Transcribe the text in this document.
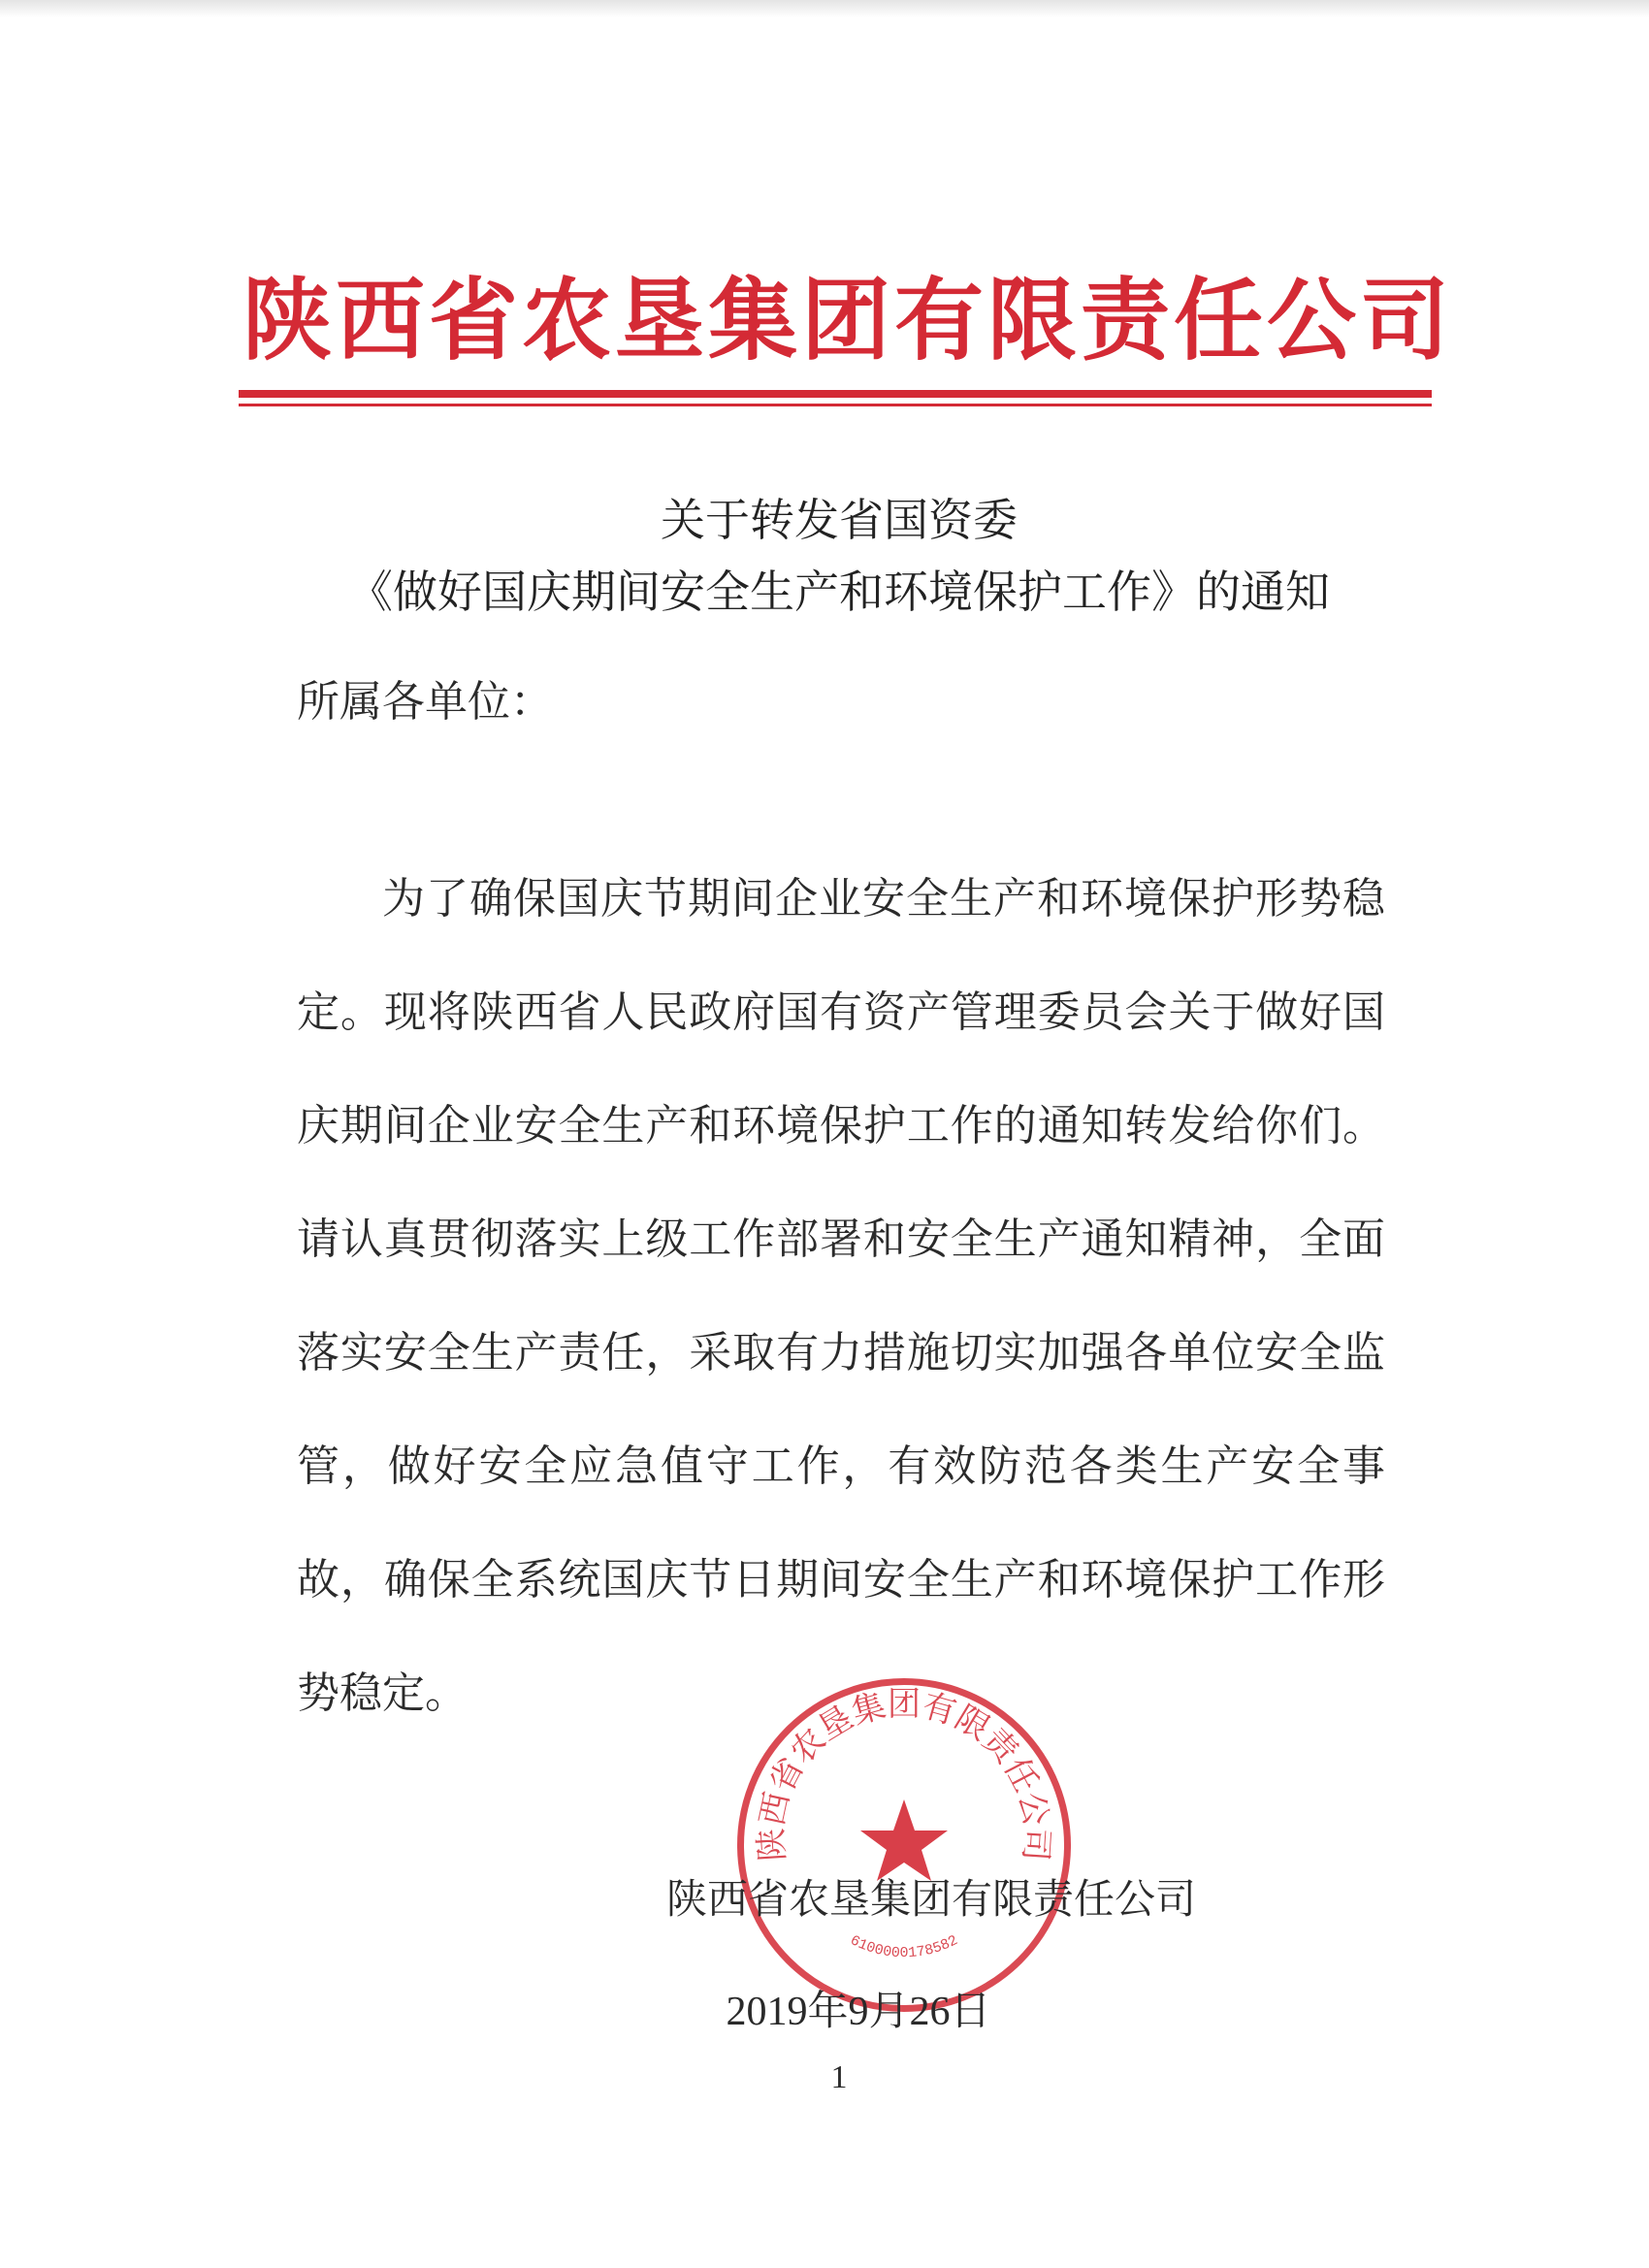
陕西省农垦集团有限责任公司
关于转发省国资委
《做好国庆期间安全生产和环境保护工作》的通知
所属各单位：
为了确保国庆节期间企业安全生产和环境保护形势稳定。现将陕西省人民政府国有资产管理委员会关于做好国庆期间企业安全生产和环境保护工作的通知转发给你们。请认真贯彻落实上级工作部署和安全生产通知精神，全面落实安全生产责任，采取有力措施切实加强各单位安全监管，做好安全应急值守工作，有效防范各类生产安全事故，确保全系统国庆节日期间安全生产和环境保护工作形势稳定。
陕西省农垦集团有限责任公司
6100000178582
陕西省农垦集团有限责任公司
2019年9月26日
1
